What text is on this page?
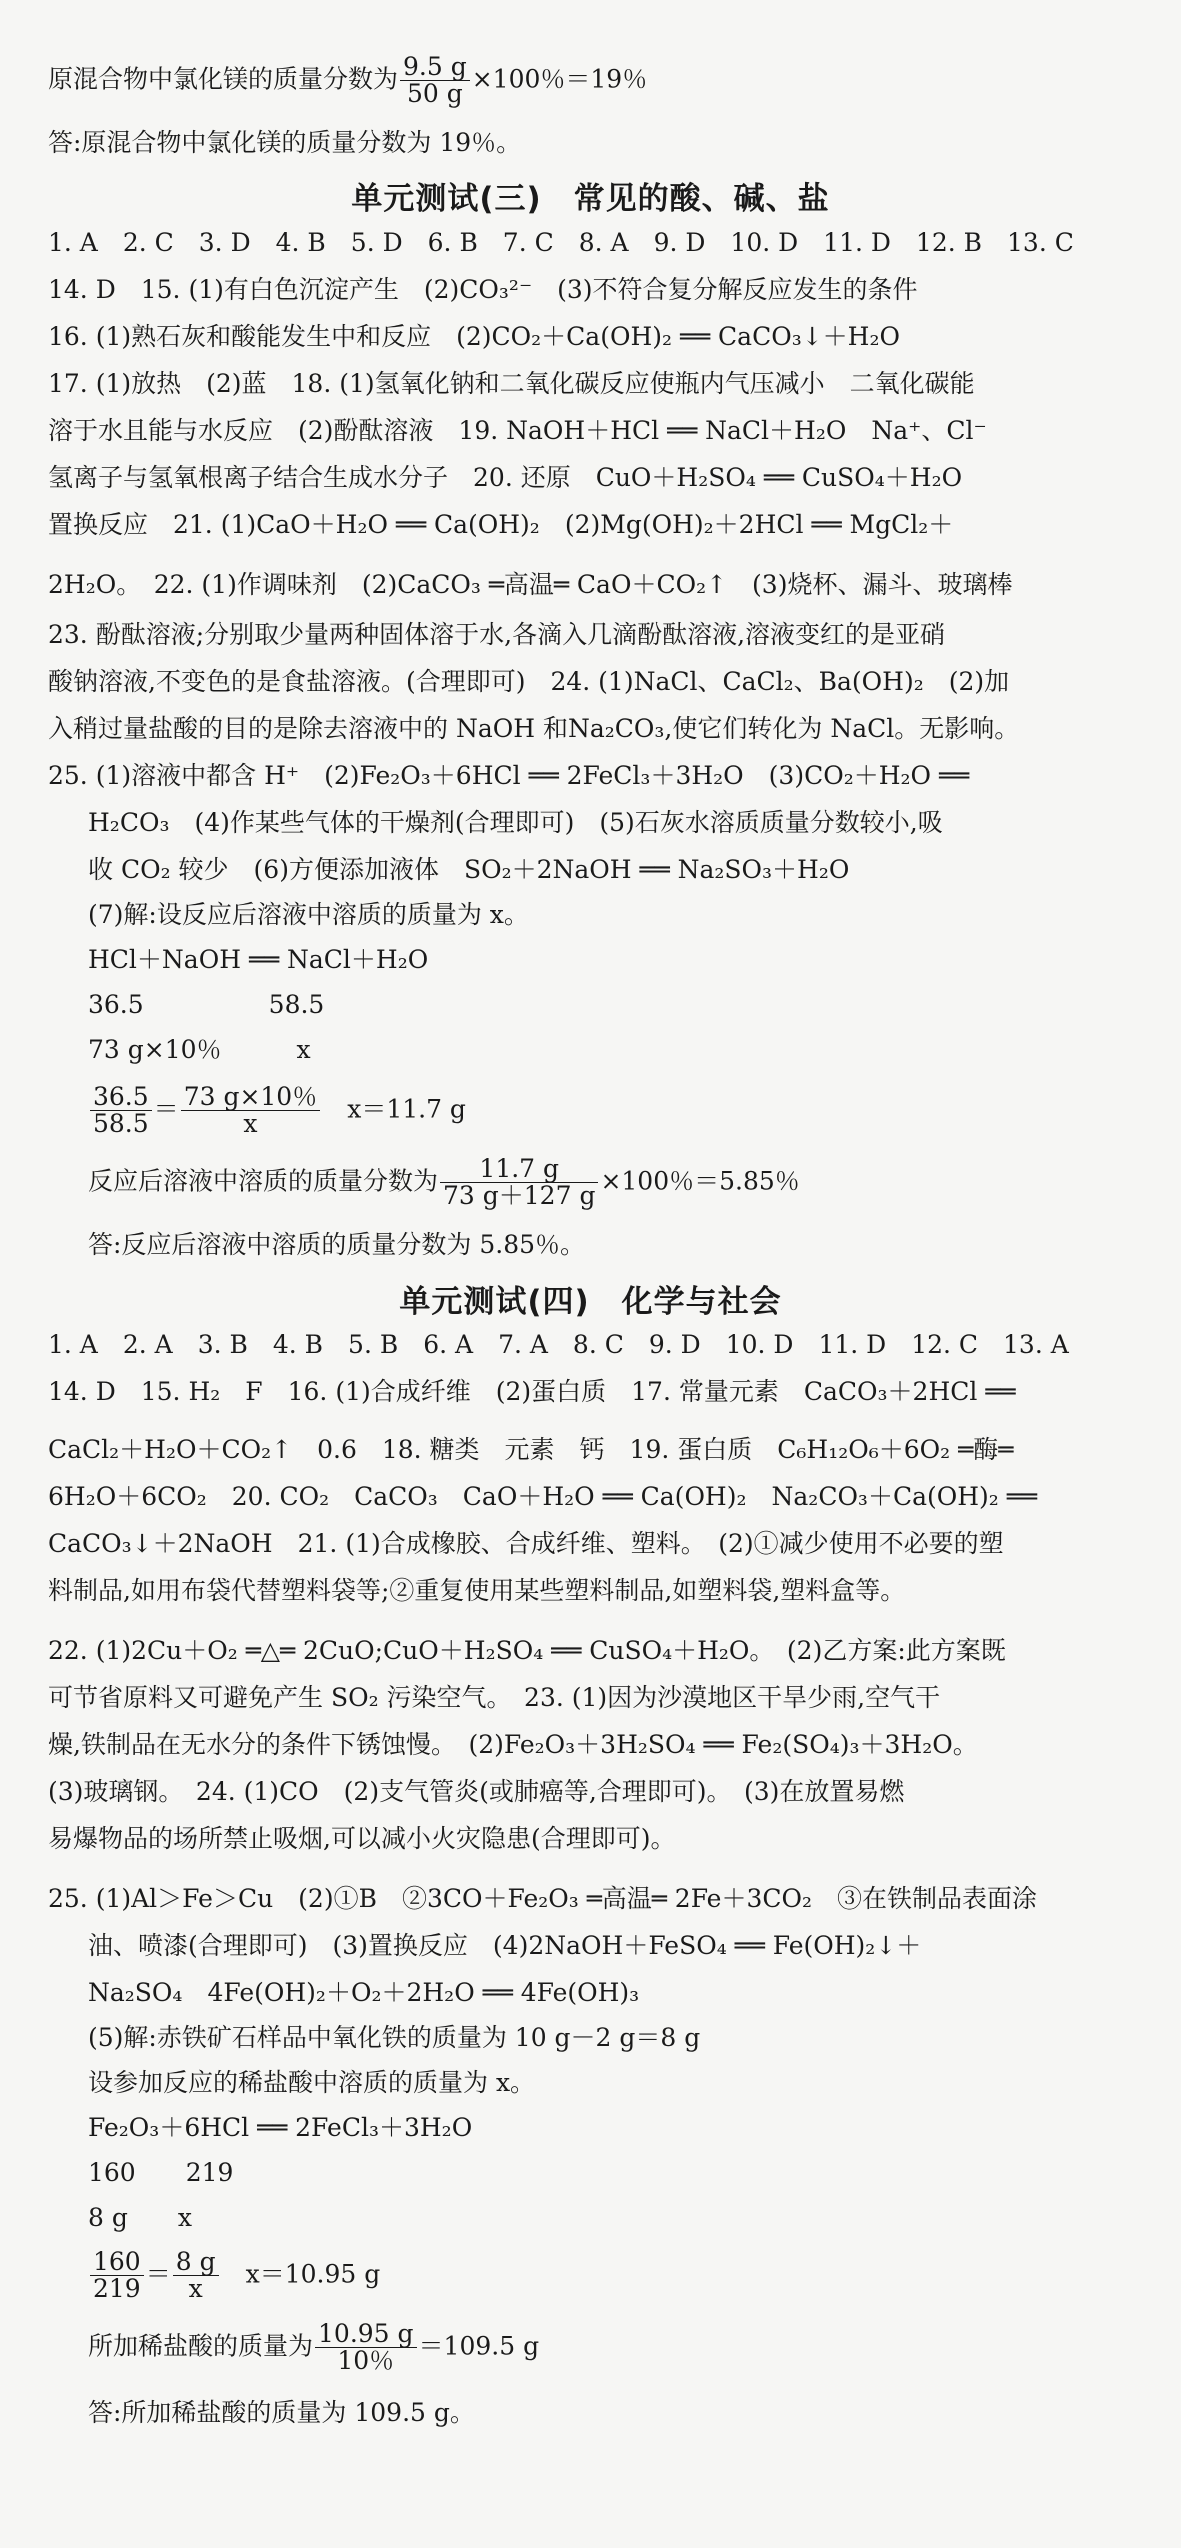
原混合物中氯化镁的质量分数为 $\frac{9.5 g}{50 g} \times 100$％＝19％
答:原混合物中氯化镁的质量分数为 19％。
单元测试(三)　常见的酸、碱、盐
1. A　2. C　3. D　4. B　5. D　6. B　7. C　8. A　9. D　10. D　11. D　12. B　13. C
14. D　15. (1)有白色沉淀产生　(2)CO₃²⁻　(3)不符合复分解反应发生的条件
16. (1)熟石灰和酸能发生中和反应　(2)CO₂＋Ca(OH)₂ ══ CaCO₃↓＋H₂O
17. (1)放热　(2)蓝　18. (1)氢氧化钠和二氧化碳反应使瓶内气压减小　二氧化碳能
溶于水且能与水反应　(2)酚酞溶液　19. NaOH＋HCl ══ NaCl＋H₂O　Na⁺、Cl⁻
氢离子与氢氧根离子结合生成水分子　20. 还原　CuO＋H₂SO₄ ══ CuSO₄＋H₂O
置换反应　21. (1)CaO＋H₂O ══ Ca(OH)₂　(2)Mg(OH)₂＋2HCl ══ MgCl₂＋
2H₂O。　22. (1)作调味剂　(2)CaCO₃ ═高温═ CaO＋CO₂↑　(3)烧杯、漏斗、玻璃棒
23. 酚酞溶液;分别取少量两种固体溶于水,各滴入几滴酚酞溶液,溶液变红的是亚硝
酸钠溶液,不变色的是食盐溶液。(合理即可)　24. (1)NaCl、CaCl₂、Ba(OH)₂　(2)加
入稍过量盐酸的目的是除去溶液中的 NaOH 和Na₂CO₃,使它们转化为 NaCl。无影响。
25. (1)溶液中都含 H⁺　(2)Fe₂O₃＋6HCl ══ 2FeCl₃＋3H₂O　(3)CO₂＋H₂O ══
H₂CO₃　(4)作某些气体的干燥剂(合理即可)　(5)石灰水溶质质量分数较小,吸
收 CO₂ 较少　(6)方便添加液体　SO₂＋2NaOH ══ Na₂SO₃＋H₂O
(7)解:设反应后溶液中溶质的质量为 x。
HCl＋NaOH ══ NaCl＋H₂O
36.5　　　　　58.5
73 g×10％　　　x
$\frac{36.5}{58.5} = \frac{73 g\times 10\%}{x}$ 　x＝11.7 g
反应后溶液中溶质的质量分数为 $\frac{11.7 g}{73 g+127 g} \times 100$％＝5.85％
答:反应后溶液中溶质的质量分数为 5.85％。
单元测试(四)　化学与社会
1. A　2. A　3. B　4. B　5. B　6. A　7. A　8. C　9. D　10. D　11. D　12. C　13. A
14. D　15. H₂　F　16. (1)合成纤维　(2)蛋白质　17. 常量元素　CaCO₃＋2HCl ══
CaCl₂＋H₂O＋CO₂↑　0.6　18. 糖类　元素　钙　19. 蛋白质　C₆H₁₂O₆＋6O₂ ═酶═
6H₂O＋6CO₂　20. CO₂　CaCO₃　CaO＋H₂O ══ Ca(OH)₂　Na₂CO₃＋Ca(OH)₂ ══
CaCO₃↓＋2NaOH　21. (1)合成橡胶、合成纤维、塑料。　(2)①减少使用不必要的塑
料制品,如用布袋代替塑料袋等;②重复使用某些塑料制品,如塑料袋,塑料盒等。
22. (1)2Cu＋O₂ ═△═ 2CuO;CuO＋H₂SO₄ ══ CuSO₄＋H₂O。　(2)乙方案:此方案既
可节省原料又可避免产生 SO₂ 污染空气。　23. (1)因为沙漠地区干旱少雨,空气干
燥,铁制品在无水分的条件下锈蚀慢。　(2)Fe₂O₃＋3H₂SO₄ ══ Fe₂(SO₄)₃＋3H₂O。
(3)玻璃钢。　24. (1)CO　(2)支气管炎(或肺癌等,合理即可)。　(3)在放置易燃
易爆物品的场所禁止吸烟,可以减小火灾隐患(合理即可)。
25. (1)Al＞Fe＞Cu　(2)①B　②3CO＋Fe₂O₃ ═高温═ 2Fe＋3CO₂　③在铁制品表面涂
油、喷漆(合理即可)　(3)置换反应　(4)2NaOH＋FeSO₄ ══ Fe(OH)₂↓＋
Na₂SO₄　4Fe(OH)₂＋O₂＋2H₂O ══ 4Fe(OH)₃
(5)解:赤铁矿石样品中氧化铁的质量为 10 g－2 g＝8 g
设参加反应的稀盐酸中溶质的质量为 x。
Fe₂O₃＋6HCl ══ 2FeCl₃＋3H₂O
160　　219
8 g　　x
$\frac{160}{219} = \frac{8 g}{x}$ 　x＝10.95 g
所加稀盐酸的质量为 $\frac{10.95 g}{10\%} =109.5$ g
答:所加稀盐酸的质量为 109.5 g。
